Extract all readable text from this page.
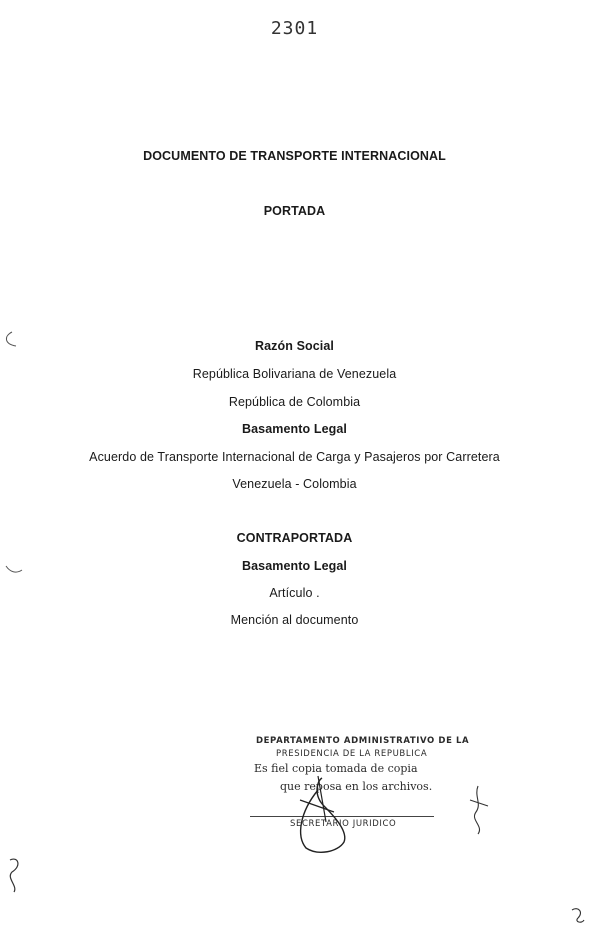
2301
DOCUMENTO DE TRANSPORTE INTERNACIONAL
PORTADA
Razón Social
República Bolivariana de Venezuela
República de Colombia
Basamento Legal
Acuerdo de Transporte Internacional de Carga y Pasajeros por Carretera
Venezuela - Colombia
CONTRAPORTADA
Basamento Legal
Artículo .
Mención al documento
DEPARTAMENTO ADMINISTRATIVO DE LA
PRESIDENCIA DE LA REPUBLICA
Es fiel copia tomada de copia
que reposa en los archivos.
SECRETARIO JURIDICO
